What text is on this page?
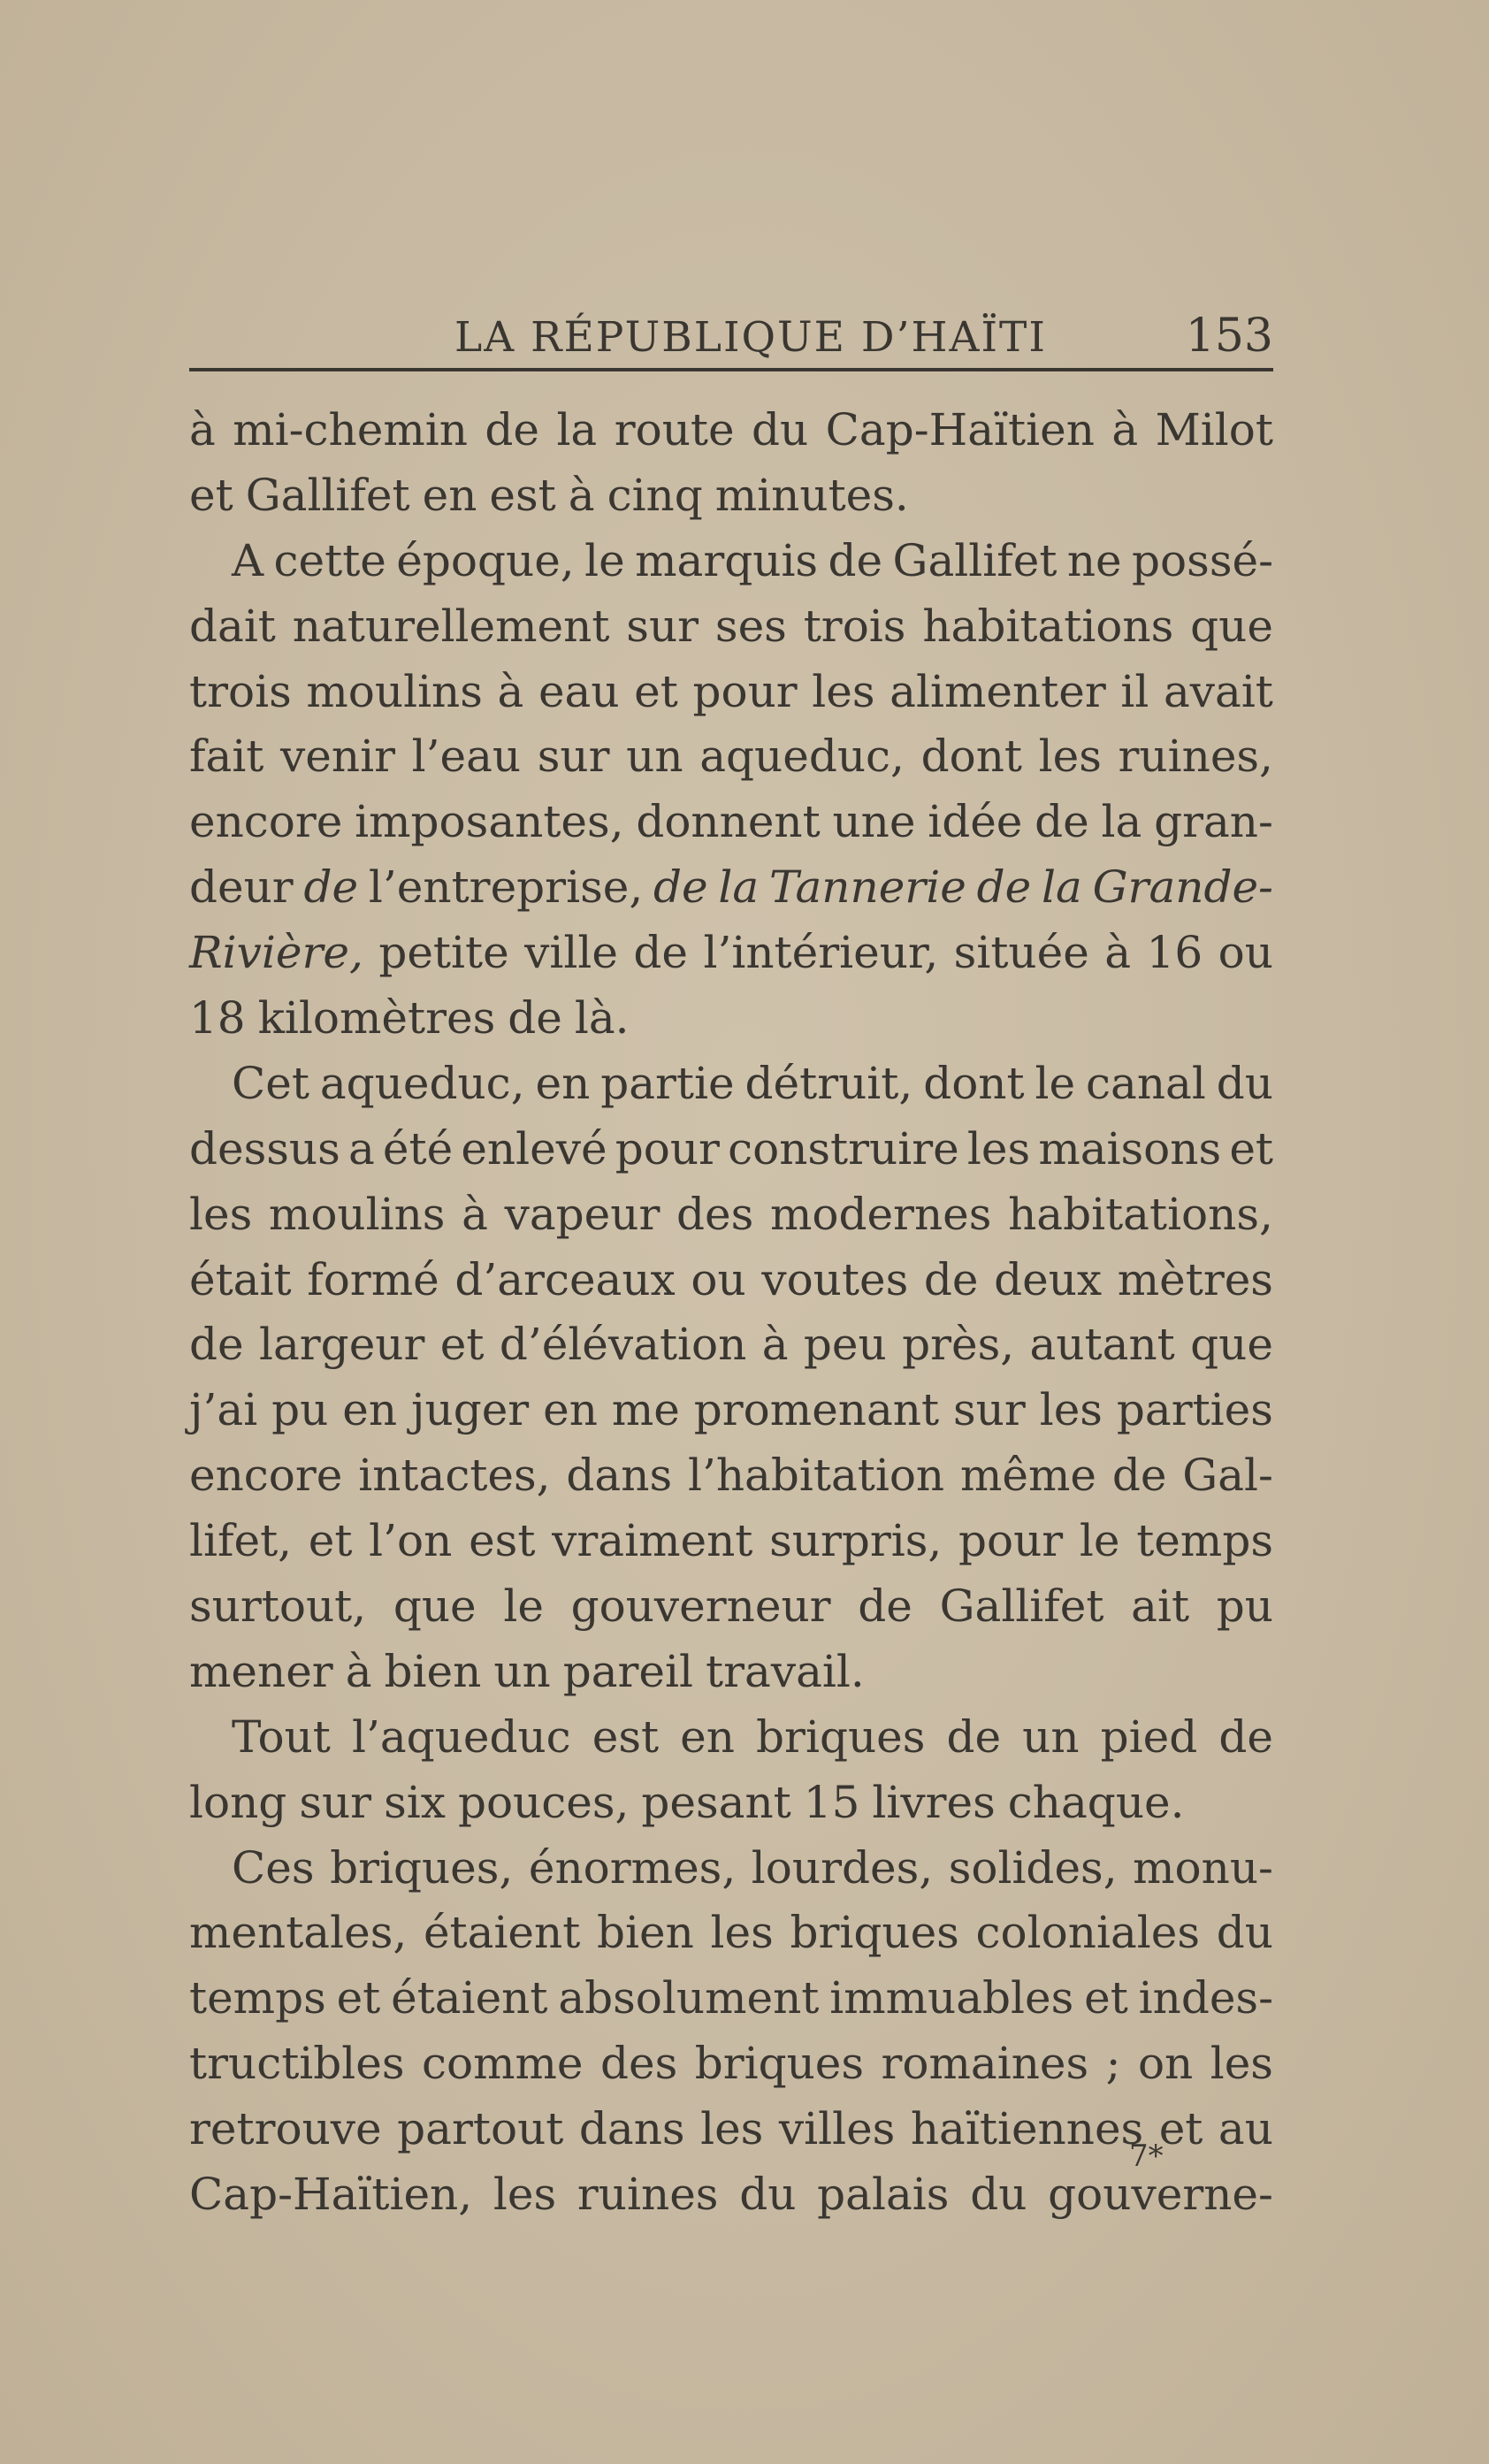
LA RÉPUBLIQUE D’HAÏTI	153
à mi-chemin de la route du Cap-Haïtien à Milot
et Gallifet en est à cinq minutes.
A cette époque, le marquis de Gallifet ne possé-
dait naturellement sur ses trois habitations que
trois moulins à eau et pour les alimenter il avait
fait venir l’eau sur un aqueduc, dont les ruines,
encore imposantes, donnent une idée de la gran-
deur de l’entreprise, de la Tannerie de la Grande-
Rivière, petite ville de l’intérieur, située à 16 ou
18 kilomètres de là.
Cet aqueduc, en partie détruit, dont le canal du
dessus a été enlevé pour construire les maisons et
les moulins à vapeur des modernes habitations,
était formé d’arceaux ou voutes de deux mètres
de largeur et d’élévation à peu près, autant que
j’ai pu en juger en me promenant sur les parties
encore intactes, dans l’habitation même de Gal-
lifet, et l’on est vraiment surpris, pour le temps
surtout, que le gouverneur de Gallifet ait pu
mener à bien un pareil travail.
Tout l’aqueduc est en briques de un pied de
long sur six pouces, pesant 15 livres chaque.
Ces briques, énormes, lourdes, solides, monu-
mentales, étaient bien les briques coloniales du
temps et étaient absolument immuables et indes-
tructibles comme des briques romaines ; on les
retrouve partout dans les villes haïtiennes et au
Cap-Haïtien, les ruines du palais du gouverne-
7*
